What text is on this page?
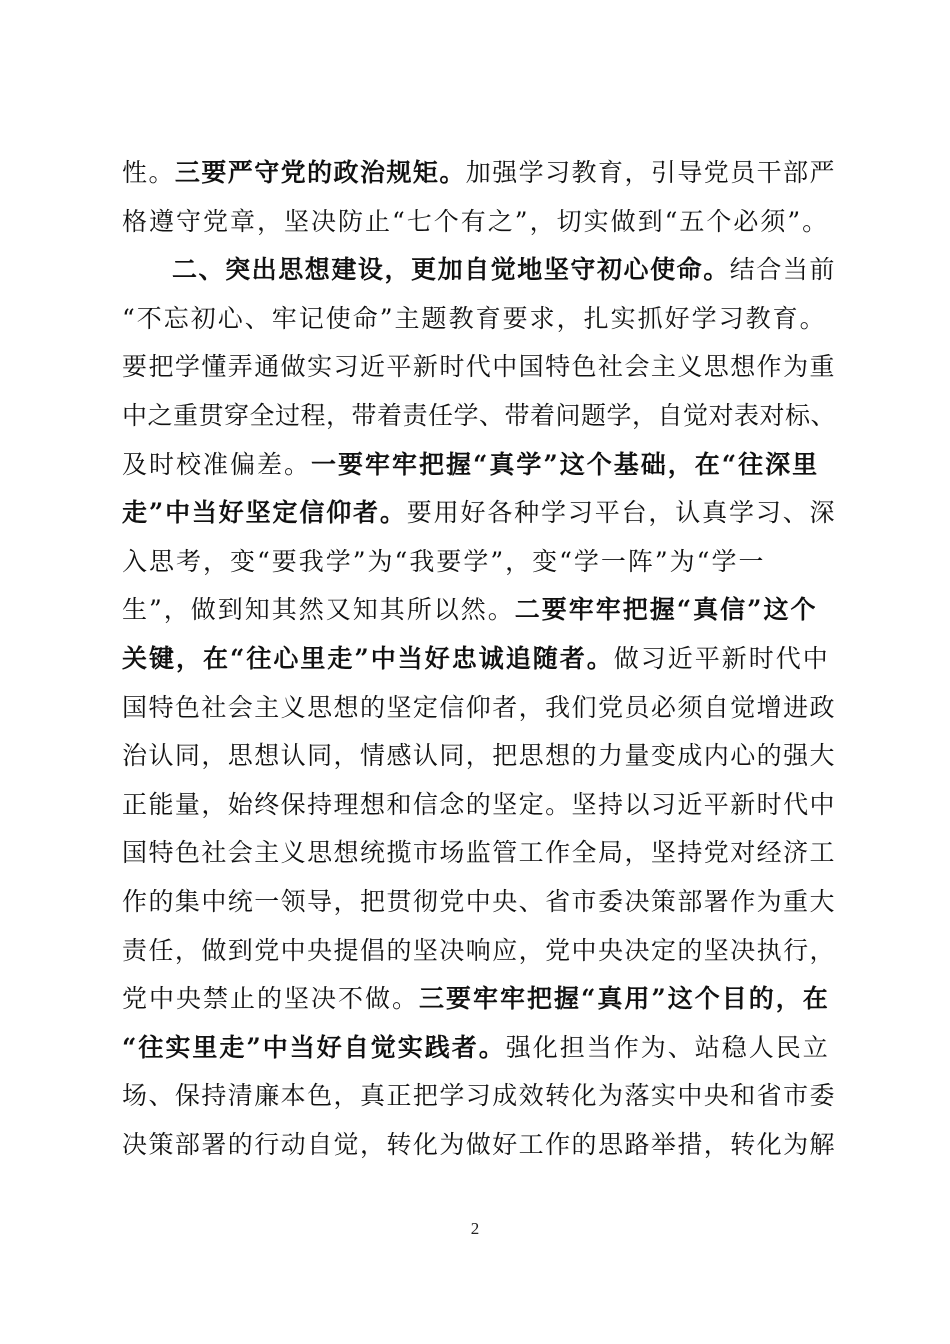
性。三要严守党的政治规矩。加强学习教育，引导党员干部严
格遵守党章，坚决防止“七个有之”，切实做到“五个必须”。
二、突出思想建设，更加自觉地坚守初心使命。结合当前
“不忘初心、牢记使命”主题教育要求，扎实抓好学习教育。
要把学懂弄通做实习近平新时代中国特色社会主义思想作为重
中之重贯穿全过程，带着责任学、带着问题学，自觉对表对标、
及时校准偏差。一要牢牢把握“真学”这个基础，在“往深里
走”中当好坚定信仰者。要用好各种学习平台，认真学习、深
入思考，变“要我学”为“我要学”，变“学一阵”为“学一
生”，做到知其然又知其所以然。二要牢牢把握“真信”这个
关键，在“往心里走”中当好忠诚追随者。做习近平新时代中
国特色社会主义思想的坚定信仰者，我们党员必须自觉增进政
治认同，思想认同，情感认同，把思想的力量变成内心的强大
正能量，始终保持理想和信念的坚定。坚持以习近平新时代中
国特色社会主义思想统揽市场监管工作全局，坚持党对经济工
作的集中统一领导，把贯彻党中央、省市委决策部署作为重大
责任，做到党中央提倡的坚决响应，党中央决定的坚决执行，
党中央禁止的坚决不做。三要牢牢把握“真用”这个目的，在
“往实里走”中当好自觉实践者。强化担当作为、站稳人民立
场、保持清廉本色，真正把学习成效转化为落实中央和省市委
决策部署的行动自觉，转化为做好工作的思路举措，转化为解
2
